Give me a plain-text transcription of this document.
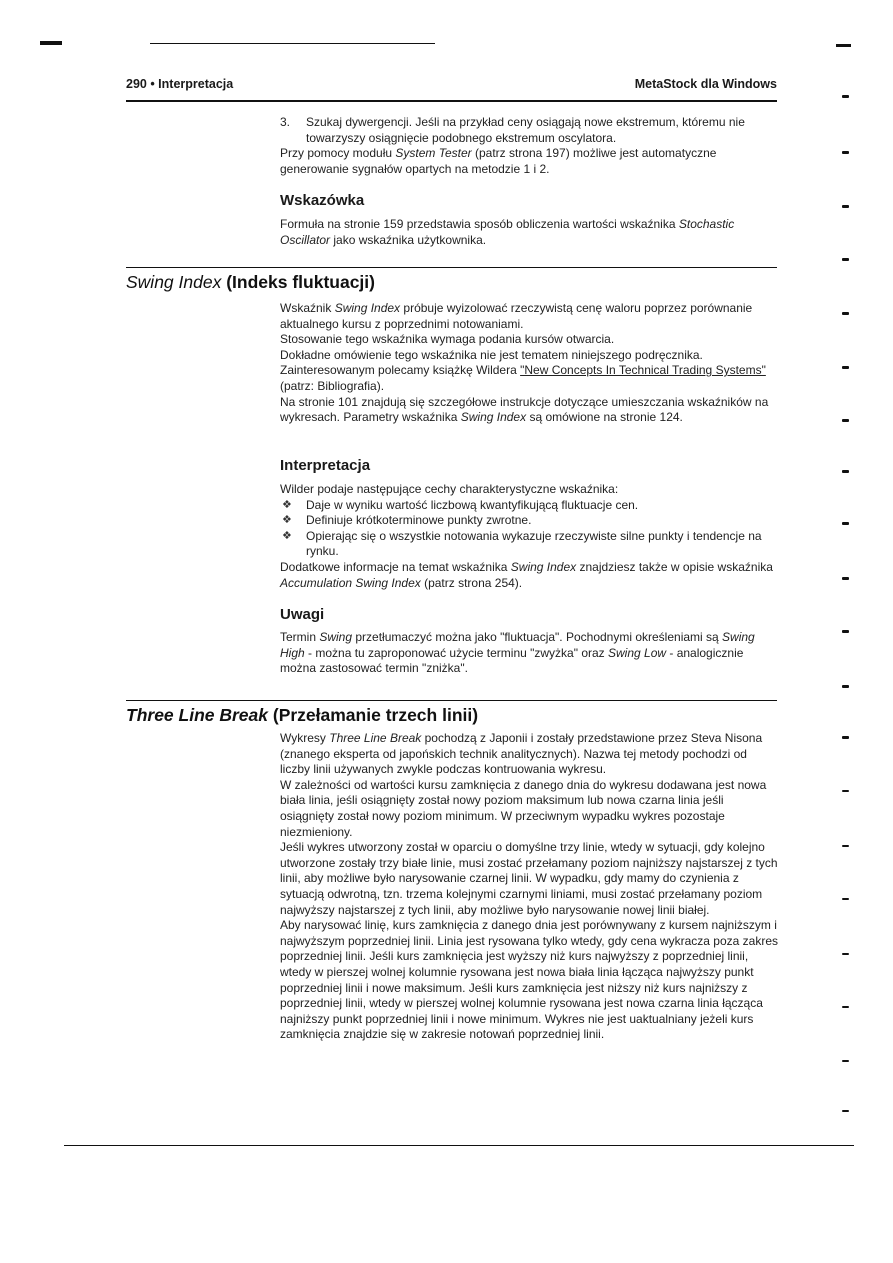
290 • Interpretacja	MetaStock dla Windows
3. Szukaj dywergencji. Jeśli na przykład ceny osiągają nowe ekstremum, któremu nie towarzyszy osiągnięcie podobnego ekstremum oscylatora.

Przy pomocy modułu System Tester (patrz strona 197) możliwe jest automatyczne generowanie sygnałów opartych na metodzie 1 i 2.

Wskazówka

Formuła na stronie 159 przedstawia sposób obliczenia wartości wskaźnika Stochastic Oscillator jako wskaźnika użytkownika.

Swing Index (Indeks fluktuacji)

Wskaźnik Swing Index próbuje wyizolować rzeczywistą cenę waloru poprzez porównanie aktualnego kursu z poprzednimi notowaniami.

Stosowanie tego wskaźnika wymaga podania kursów otwarcia.

Dokładne omówienie tego wskaźnika nie jest tematem niniejszego podręcznika.

Zainteresowanym polecamy książkę Wildera "New Concepts In Technical Trading Systems" (patrz: Bibliografia).

Na stronie 101 znajdują się szczegółowe instrukcje dotyczące umieszczania wskaźników na wykresach. Parametry wskaźnika Swing Index są omówione na stronie 124.

Interpretacja

Wilder podaje następujące cechy charakterystyczne wskaźnika:

❖ Daje w wyniku wartość liczbową kwantyfikującą fluktuacje cen.
❖ Definiuje krótkoterminowe punkty zwrotne.
❖ Opierając się o wszystkie notowania wykazuje rzeczywiste silne punkty i tendencje na rynku.

Dodatkowe informacje na temat wskaźnika Swing Index znajdziesz także w opisie wskaźnika Accumulation Swing Index (patrz strona 254).

Uwagi

Termin Swing przetłumaczyć można jako "fluktuacja". Pochodnymi określeniami są Swing High - można tu zaproponować użycie terminu "zwyżka" oraz Swing Low - analogicznie można zastosować termin "zniżka".

Three Line Break (Przełamanie trzech linii)

Wykresy Three Line Break pochodzą z Japonii i zostały przedstawione przez Steva Nisona (znanego eksperta od japońskich technik analitycznych). Nazwa tej metody pochodzi od liczby linii używanych zwykle podczas kontruowania wykresu.

W zależności od wartości kursu zamknięcia z danego dnia do wykresu dodawana jest nowa biała linia, jeśli osiągnięty został nowy poziom maksimum lub nowa czarna linia jeśli osiągnięty został nowy poziom minimum. W przeciwnym wypadku wykres pozostaje niezmieniony.

Jeśli wykres utworzony został w oparciu o domyślne trzy linie, wtedy w sytuacji, gdy kolejno utworzone zostały trzy białe linie, musi zostać przełamany poziom najniższy najstarszej z tych linii, aby możliwe było narysowanie czarnej linii. W wypadku, gdy mamy do czynienia z sytuacją odwrotną, tzn. trzema kolejnymi czarnymi liniami, musi zostać przełamany poziom najwyższy najstarszej z tych linii, aby możliwe było narysowanie nowej linii białej.

Aby narysować linię, kurs zamknięcia z danego dnia jest porównywany z kursem najniższym i najwyższym poprzedniej linii. Linia jest rysowana tylko wtedy, gdy cena wykracza poza zakres poprzedniej linii. Jeśli kurs zamknięcia jest wyższy niż kurs najwyższy z poprzedniej linii, wtedy w pierszej wolnej kolumnie rysowana jest nowa biała linia łącząca najwyższy punkt poprzedniej linii i nowe maksimum. Jeśli kurs zamknięcia jest niższy niż kurs najniższy z poprzedniej linii, wtedy w pierszej wolnej kolumnie rysowana jest nowa czarna linia łącząca najniższy punkt poprzedniej linii i nowe minimum. Wykres nie jest uaktualniany jeżeli kurs zamknięcia znajdzie się w zakresie notowań poprzedniej linii.
